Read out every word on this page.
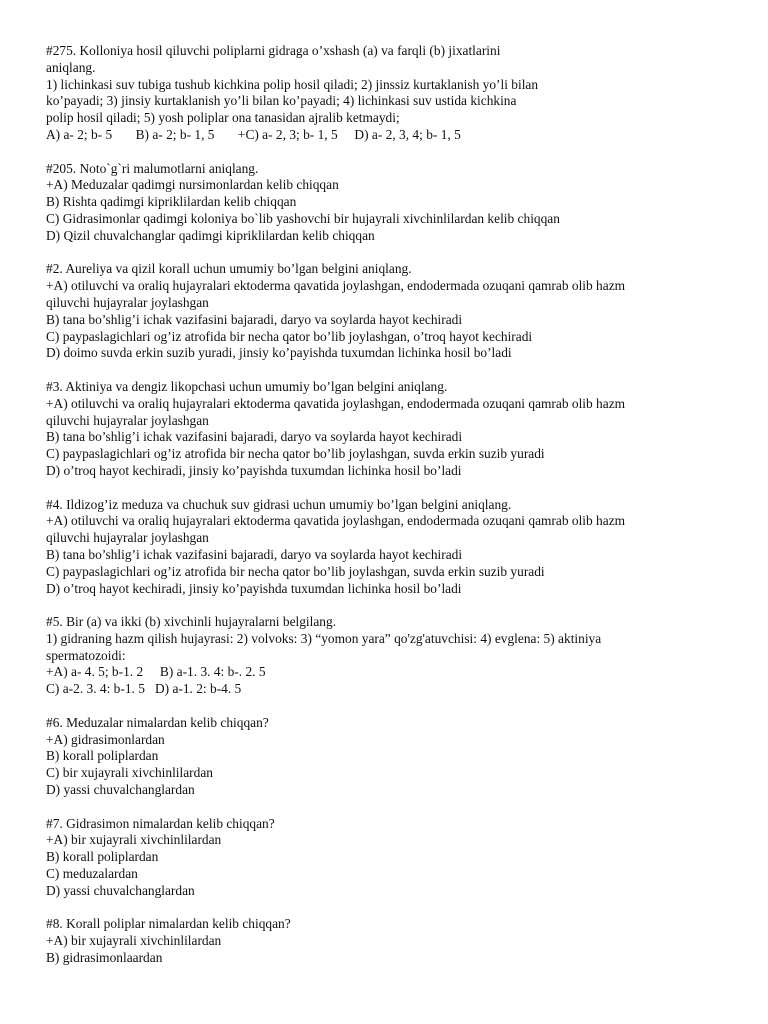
#275. Kolloniya hosil qiluvchi poliplarni gidraga o’xshash (a) va farqli (b) jixatlarini
aniqlang.
1) lichinkasi suv tubiga tushub kichkina polip hosil qiladi; 2) jinssiz kurtaklanish yo’li bilan
ko’payadi; 3) jinsiy kurtaklanish yo’li bilan ko’payadi; 4) lichinkasi suv ustida kichkina
polip hosil qiladi; 5) yosh poliplar ona tanasidan ajralib ketmaydi;
A) a- 2; b- 5       B) a- 2; b- 1, 5       +C) a- 2, 3; b- 1, 5     D) a- 2, 3, 4; b- 1, 5
#205. Noto`g`ri malumotlarni aniqlang.
+A) Meduzalar qadimgi nursimonlardan kelib chiqqan
B) Rishta qadimgi kipriklilardan kelib chiqqan
C) Gidrasimonlar qadimgi koloniya bo`lib yashovchi bir hujayrali xivchinlilardan kelib chiqqan
D) Qizil chuvalchanglar qadimgi kipriklilardan kelib chiqqan
#2. Aureliya va qizil korall uchun umumiy bo’lgan belgini aniqlang.
+A) otiluvchi va oraliq hujayralari ektoderma qavatida joylashgan, endodermada ozuqani qamrab olib hazm
qiluvchi hujayralar joylashgan
B) tana bo’shlig’i ichak vazifasini bajaradi, daryo va soylarda hayot kechiradi
C) paypaslagichlari og’iz atrofida bir necha qator bo’lib joylashgan, o’troq hayot kechiradi
D) doimo suvda erkin suzib yuradi, jinsiy ko’payishda tuxumdan lichinka hosil bo’ladi
#3. Aktiniya va dengiz likopchasi uchun umumiy bo’lgan belgini aniqlang.
+A) otiluvchi va oraliq hujayralari ektoderma qavatida joylashgan, endodermada ozuqani qamrab olib hazm
qiluvchi hujayralar joylashgan
B) tana bo’shlig’i ichak vazifasini bajaradi, daryo va soylarda hayot kechiradi
C) paypaslagichlari og’iz atrofida bir necha qator bo’lib joylashgan, suvda erkin suzib yuradi
D) o’troq hayot kechiradi, jinsiy ko’payishda tuxumdan lichinka hosil bo’ladi
#4. Ildizog’iz meduza va chuchuk suv gidrasi uchun umumiy bo’lgan belgini aniqlang.
+A) otiluvchi va oraliq hujayralari ektoderma qavatida joylashgan, endodermada ozuqani qamrab olib hazm
qiluvchi hujayralar joylashgan
B) tana bo’shlig’i ichak vazifasini bajaradi, daryo va soylarda hayot kechiradi
C) paypaslagichlari og’iz atrofida bir necha qator bo’lib joylashgan, suvda erkin suzib yuradi
D) o’troq hayot kechiradi, jinsiy ko’payishda tuxumdan lichinka hosil bo’ladi
#5. Bir (a) va ikki (b) xivchinli hujayralarni belgilang.
1) gidraning hazm qilish hujayrasi: 2) volvoks: 3) “yomon yara” qo'zg'atuvchisi: 4) evglena: 5) aktiniya
spermatozoidi:
+A) a- 4. 5; b-1. 2     B) a-1. 3. 4: b-. 2. 5
C) a-2. 3. 4: b-1. 5   D) a-1. 2: b-4. 5
#6. Meduzalar nimalardan kelib chiqqan?
+A) gidrasimonlardan
B) korall poliplardan
C) bir xujayrali xivchinlilardan
D) yassi chuvalchanglardan
#7. Gidrasimon nimalardan kelib chiqqan?
+A) bir xujayrali xivchinlilardan
B) korall poliplardan
C) meduzalardan
D) yassi chuvalchanglardan
#8. Korall poliplar nimalardan kelib chiqqan?
+A) bir xujayrali xivchinlilardan
B) gidrasimonlaardan
